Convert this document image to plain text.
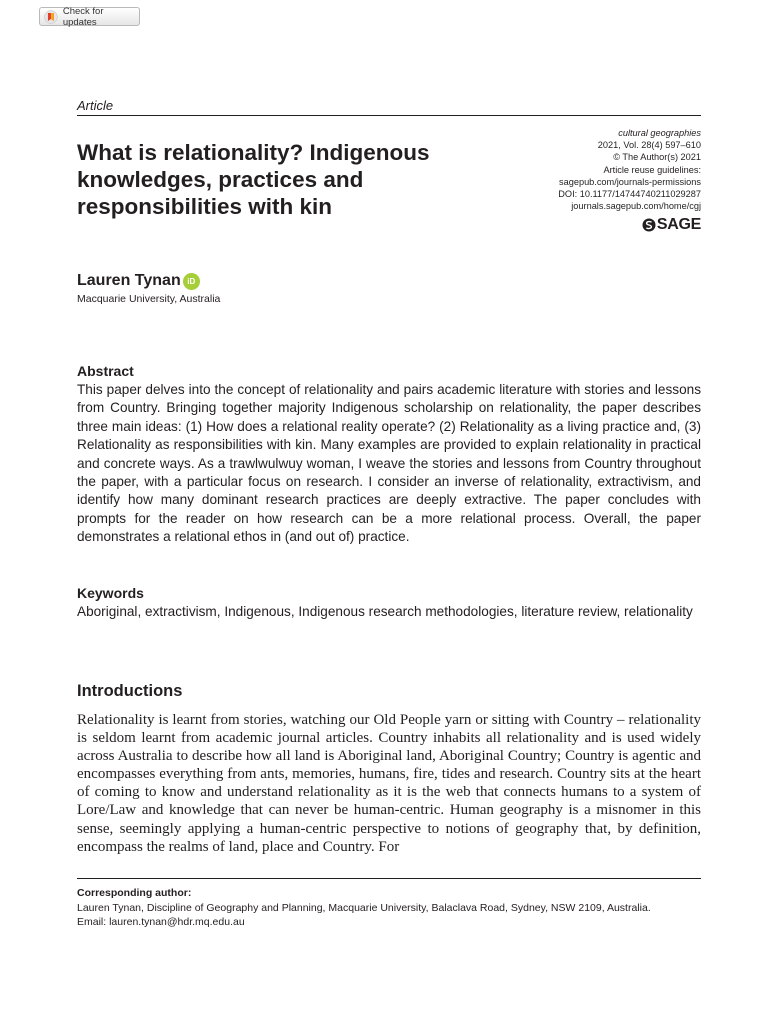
Check for updates
Article
What is relationality? Indigenous knowledges, practices and responsibilities with kin
cultural geographies
2021, Vol. 28(4) 597–610
© The Author(s) 2021
Article reuse guidelines:
sagepub.com/journals-permissions
DOI: 10.1177/14744740211029287
journals.sagepub.com/home/cgj
SAGE
Lauren Tynan iD
Macquarie University, Australia
Abstract

This paper delves into the concept of relationality and pairs academic literature with stories and lessons from Country. Bringing together majority Indigenous scholarship on relationality, the paper describes three main ideas: (1) How does a relational reality operate? (2) Relationality as a living practice and, (3) Relationality as responsibilities with kin. Many examples are provided to explain relationality in practical and concrete ways. As a trawlwulwuy woman, I weave the stories and lessons from Country throughout the paper, with a particular focus on research. I consider an inverse of relationality, extractivism, and identify how many dominant research practices are deeply extractive. The paper concludes with prompts for the reader on how research can be a more relational process. Overall, the paper demonstrates a relational ethos in (and out of) practice.

Keywords

Aboriginal, extractivism, Indigenous, Indigenous research methodologies, literature review, relationality

Introductions

Relationality is learnt from stories, watching our Old People yarn or sitting with Country – relationality is seldom learnt from academic journal articles. Country inhabits all relationality and is used widely across Australia to describe how all land is Aboriginal land, Aboriginal Country; Country is agentic and encompasses everything from ants, memories, humans, fire, tides and research. Country sits at the heart of coming to know and understand relationality as it is the web that connects humans to a system of Lore/Law and knowledge that can never be human-centric. Human geography is a misnomer in this sense, seemingly applying a human-centric perspective to notions of geography that, by definition, encompass the realms of land, place and Country. For

Corresponding author:
Lauren Tynan, Discipline of Geography and Planning, Macquarie University, Balaclava Road, Sydney, NSW 2109, Australia.
Email: lauren.tynan@hdr.mq.edu.au
